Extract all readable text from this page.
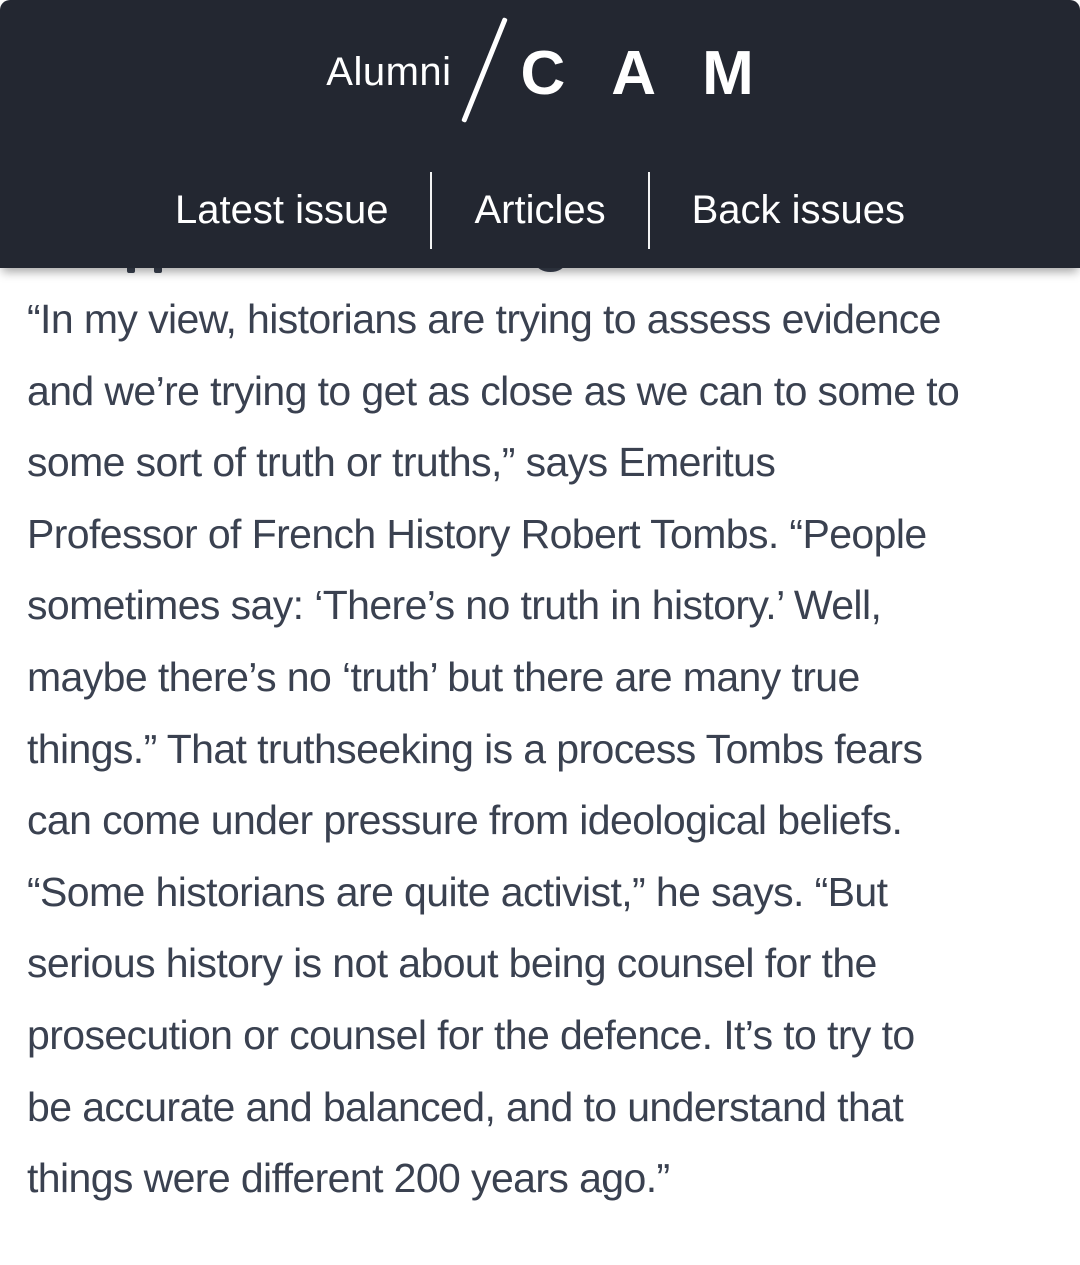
Alumni CAM
Latest issue	Articles	Back issues
“In my view, historians are trying to assess evidence
and we’re trying to get as close as we can to some to
some sort of truth or truths,” says Emeritus
Professor of French History Robert Tombs. “People
sometimes say: ‘There’s no truth in history.’ Well,
maybe there’s no ‘truth’ but there are many true
things.” That truthseeking is a process Tombs fears
can come under pressure from ideological beliefs.
“Some historians are quite activist,” he says. “But
serious history is not about being counsel for the
prosecution or counsel for the defence. It’s to try to
be accurate and balanced, and to understand that
things were different 200 years ago.”
